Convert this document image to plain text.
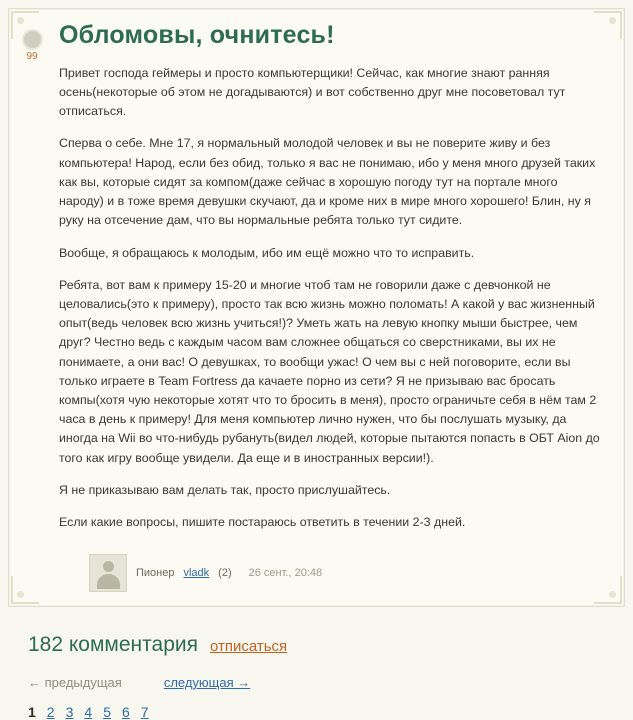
99
Обломовы, очнитесь!

Привет господа геймеры и просто компьютерщики! Сейчас, как многие знают ранняя осень(некоторые об этом не догадываются) и вот собственно друг мне посоветовал тут отписаться.

Сперва о себе. Мне 17, я нормальный молодой человек и вы не поверите живу и без компьютера! Народ, если без обид, только я вас не понимаю, ибо у меня много друзей таких как вы, которые сидят за компом(даже сейчас в хорошую погоду тут на портале много народу) и в тоже время девушки скучают, да и кроме них в мире много хорошего! Блин, ну я руку на отсечение дам, что вы нормальные ребята только тут сидите.

Вообще, я обращаюсь к молодым, ибо им ещё можно что то исправить.

Ребята, вот вам к примеру 15-20 и многие чтоб там не говорили даже с девчонкой не целовались(это к примеру), просто так всю жизнь можно поломать! А какой у вас жизненный опыт(ведь человек всю жизнь учиться!)? Уметь жать на левую кнопку мыши быстрее, чем друг? Честно ведь с каждым часом вам сложнее общаться со сверстниками, вы их не понимаете, а они вас! О девушках, то вообщи ужас! О чем вы с ней поговорите, если вы только играете в Team Fortress да качаете порно из сети? Я не призываю вас бросать компы(хотя чую некоторые хотят что то бросить в меня), просто ограничьте себя в нём там 2 часа в день к примеру! Для меня компьютер лично нужен, что бы послушать музыку, да иногда на Wii во что-нибудь рубануть(видел людей, которые пытаются попасть в ОБТ Aion до того как игру вообще увидели. Да еще и в иностранных версии!).

Я не приказываю вам делать так, просто прислушайтесь.

Если какие вопросы, пишите постараюсь ответить в течении 2-3 дней.

Пионер vladk (2) 26 сент., 20:48
182 комментария отписаться
← предыдущая	следующая →
1 2 3 4 5 6 7
